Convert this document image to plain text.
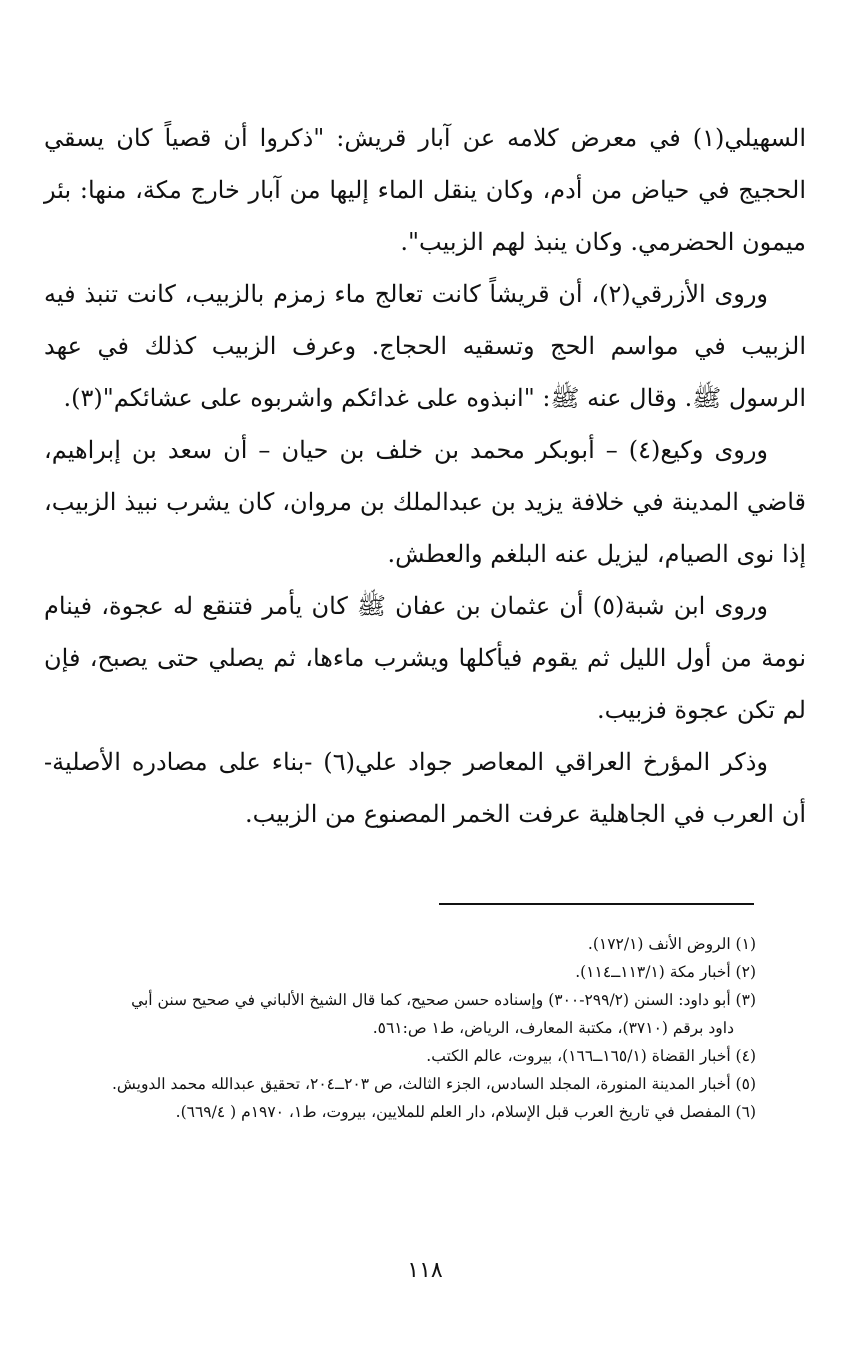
السهيلي(١) في معرض كلامه عن آبار قريش: "ذكروا أن قصياً كان يسقي الحجيج في حياض من أدم، وكان ينقل الماء إليها من آبار خارج مكة، منها: بئر ميمون الحضرمي. وكان ينبذ لهم الزبيب".

وروى الأزرقي(٢)، أن قريشاً كانت تعالج ماء زمزم بالزبيب، كانت تنبذ فيه الزبيب في مواسم الحج وتسقيه الحجاج. وعرف الزبيب كذلك في عهد الرسول ﷺ. وقال عنه ﷺ: "انبذوه على غدائكم واشربوه على عشائكم"(٣).

وروى وكيع(٤) – أبوبكر محمد بن خلف بن حيان – أن سعد بن إبراهيم، قاضي المدينة في خلافة يزيد بن عبدالملك بن مروان، كان يشرب نبيذ الزبيب، إذا نوى الصيام، ليزيل عنه البلغم والعطش.

وروى ابن شبة(٥) أن عثمان بن عفان ﷺ كان يأمر فتنقع له عجوة، فينام نومة من أول الليل ثم يقوم فيأكلها ويشرب ماءها، ثم يصلي حتى يصبح، فإن لم تكن عجوة فزبيب.

وذكر المؤرخ العراقي المعاصر جواد علي(٦) -بناء على مصادره الأصلية- أن العرب في الجاهلية عرفت الخمر المصنوع من الزبيب.

(١) الروض الأنف (١٧٢/١).

(٢) أخبار مكة (١١٣/١ــ١١٤).

(٣) أبو داود: السنن (٢٩٩/٢-٣٠٠) وإسناده حسن صحيح، كما قال الشيخ الألباني في صحيح سنن أبي
داود برقم (٣٧١٠)، مكتبة المعارف، الرياض، ط١ ص:٥٦١.

(٤) أخبار القضاة (١٦٥/١ــ١٦٦)، بيروت، عالم الكتب.

(٥) أخبار المدينة المنورة، المجلد السادس، الجزء الثالث، ص ٢٠٣ــ٢٠٤، تحقيق عبدالله محمد الدويش.

(٦) المفصل في تاريخ العرب قبل الإسلام، دار العلم للملايين، بيروت، ط١، ١٩٧٠م ( ٦٦٩/٤).

١١٨
